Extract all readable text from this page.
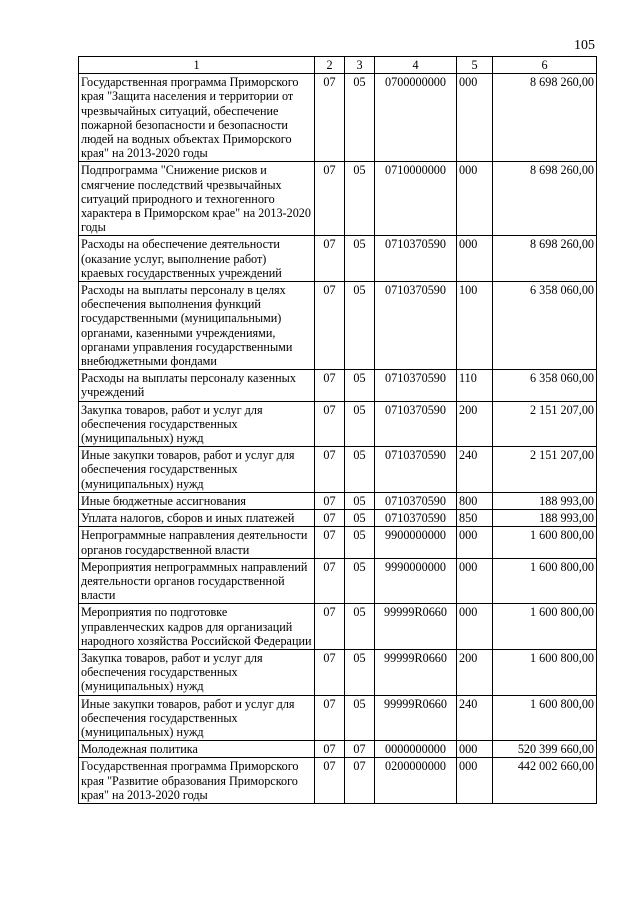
105
1	2	3	4	5	6
Государственная программа Приморского края "Защита населения и территории от чрезвычайных ситуаций, обеспечение пожарной безопасности и безопасности людей на водных объектах Приморского края" на 2013-2020 годы	07	05	0700000000	000	8 698 260,00
Подпрограмма "Снижение рисков и смягчение последствий чрезвычайных ситуаций природного и техногенного характера в Приморском крае" на 2013-2020 годы	07	05	0710000000	000	8 698 260,00
Расходы на обеспечение деятельности (оказание услуг, выполнение работ) краевых государственных учреждений	07	05	0710370590	000	8 698 260,00
Расходы на выплаты персоналу в целях обеспечения выполнения функций государственными (муниципальными) органами, казенными учреждениями, органами управления государственными внебюджетными фондами	07	05	0710370590	100	6 358 060,00
Расходы на выплаты персоналу казенных учреждений	07	05	0710370590	110	6 358 060,00
Закупка товаров, работ и услуг для обеспечения государственных (муниципальных) нужд	07	05	0710370590	200	2 151 207,00
Иные закупки товаров, работ и услуг для обеспечения государственных (муниципальных) нужд	07	05	0710370590	240	2 151 207,00
Иные бюджетные ассигнования	07	05	0710370590	800	188 993,00
Уплата налогов, сборов и иных платежей	07	05	0710370590	850	188 993,00
Непрограммные направления деятельности органов государственной власти	07	05	9900000000	000	1 600 800,00
Мероприятия непрограммных направлений деятельности органов государственной власти	07	05	9990000000	000	1 600 800,00
Мероприятия по подготовке управленческих кадров для организаций народного хозяйства Российской Федерации	07	05	99999R0660	000	1 600 800,00
Закупка товаров, работ и услуг для обеспечения государственных (муниципальных) нужд	07	05	99999R0660	200	1 600 800,00
Иные закупки товаров, работ и услуг для обеспечения государственных (муниципальных) нужд	07	05	99999R0660	240	1 600 800,00
Молодежная политика	07	07	0000000000	000	520 399 660,00
Государственная программа Приморского края "Развитие образования Приморского края" на 2013-2020 годы	07	07	0200000000	000	442 002 660,00
